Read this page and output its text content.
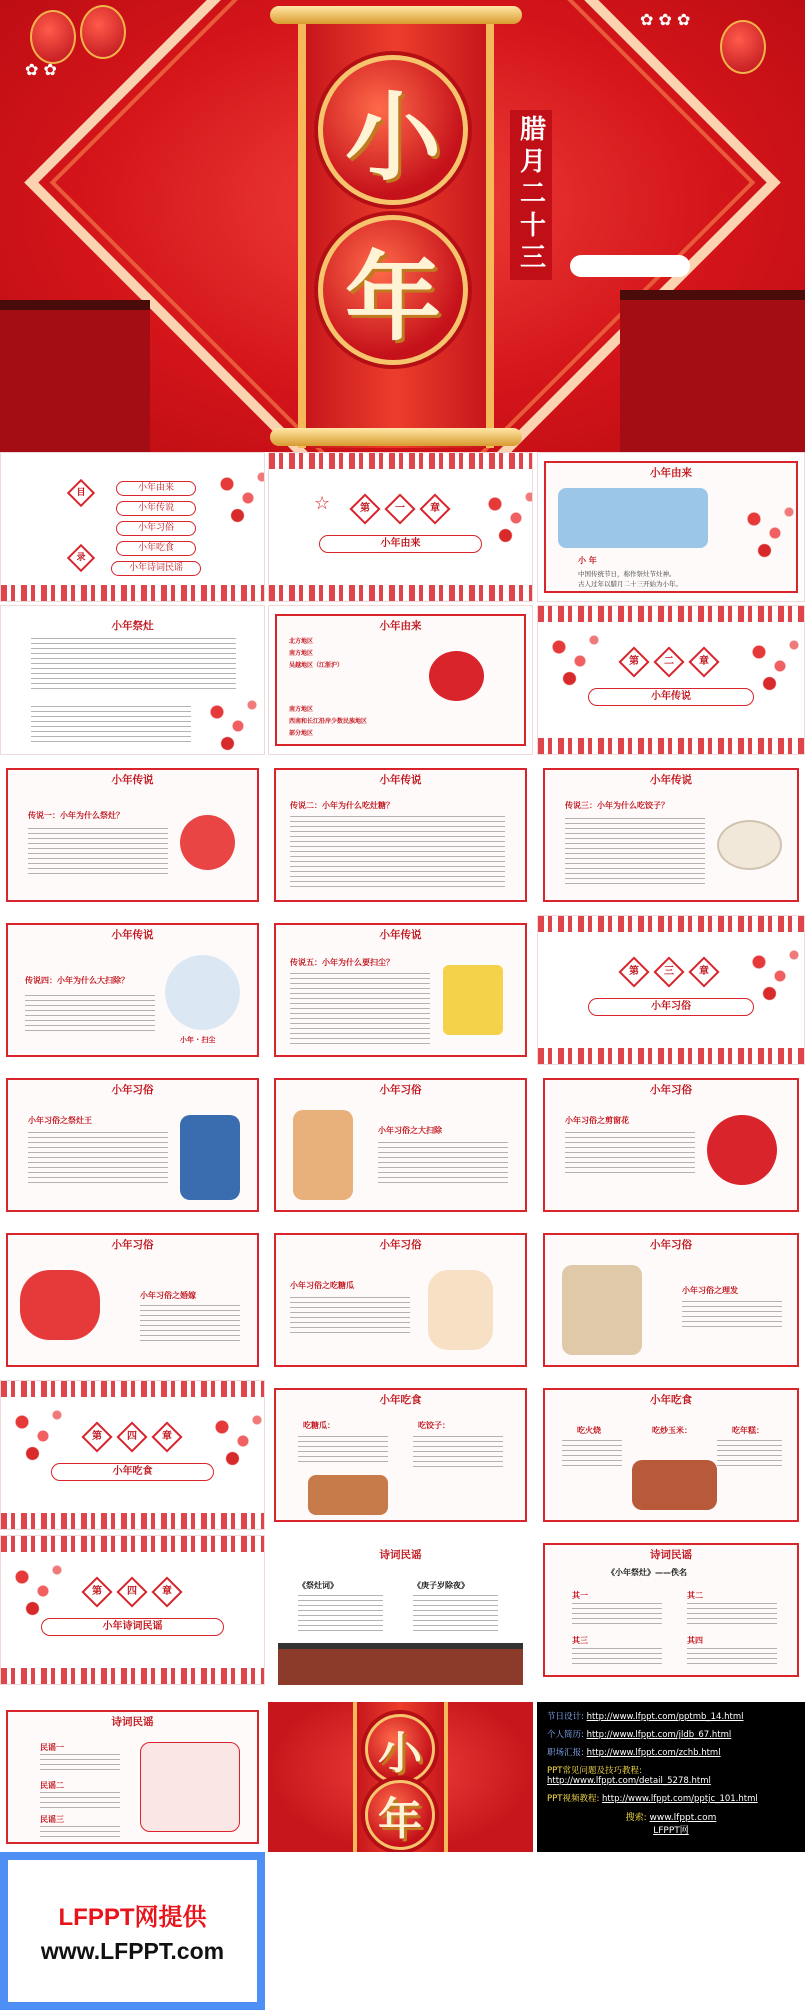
✿ ✿
✿ ✿ ✿
小
年
腊月二十三
目
录
小年由来
小年传说
小年习俗
小年吃食
小年诗词民谣
☆	第	一	章
小年由来
小年由来
小 年
中国传统节日，称作祭灶节灶神。
古人过年以腊月二十三开始为小年。
小年祭灶	小年由来
北方地区
南方地区
吴越地区（江浙沪）
南方地区
西南和长江沿岸少数民族地区
部分地区
第	二	章
小年传说
小年传说
传说一：小年为什么祭灶？
小年传说
传说二：小年为什么吃灶糖？
小年传说
传说三：小年为什么吃饺子？
小年传说
传说四：小年为什么大扫除？
小年 · 扫尘
小年传说
传说五：小年为什么要扫尘？
第	三	章
小年习俗
小年习俗
小年习俗之祭灶王
小年习俗
小年习俗之大扫除
小年习俗
小年习俗之剪窗花
小年习俗
小年习俗之婚嫁
小年习俗
小年习俗之吃糖瓜
小年习俗
小年习俗之理发
第	四	章
小年吃食
小年吃食
吃糖瓜：	吃饺子：
小年吃食
吃火烧	吃炒玉米：	吃年糕：
第	四	章
小年诗词民谣
诗词民谣
《祭灶词》	《庚子岁除夜》
诗词民谣
《小年祭灶》——佚名
其一	其二
其三	其四
诗词民谣
民谣一
民谣二
民谣三
小
年
节日设计: http://www.lfppt.com/pptmb_14.html
个人简历: http://www.lfppt.com/jldb_67.html
职场汇报: http://www.lfppt.com/zchb.html
PPT常见问题及技巧教程:
http://www.lfppt.com/detail_5278.html
PPT视频教程: http://www.lfppt.com/pptjc_101.html
搜索: www.lfppt.com
LFPPT网
LFPPT网提供
www.LFPPT.com
